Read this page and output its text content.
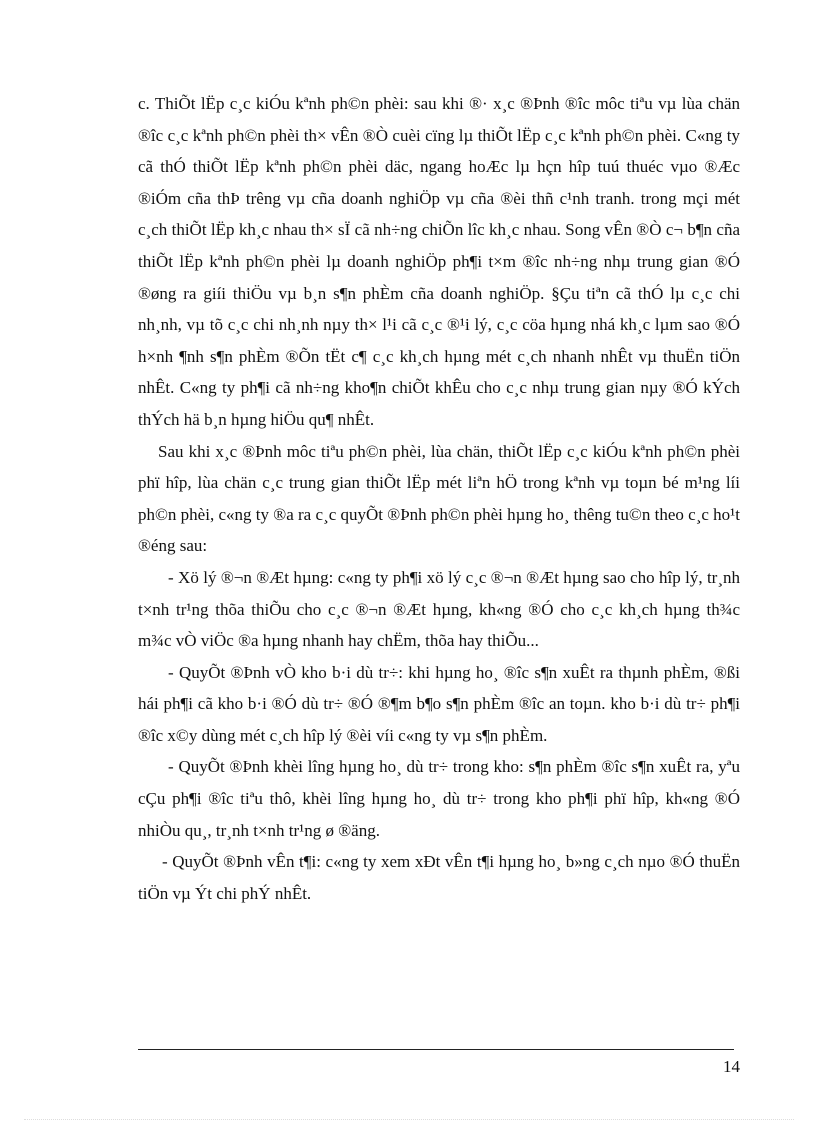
c. ThiÕt lËp c¸c kiÓu kªnh ph©n phèi: sau khi ®· x¸c ®Þnh ®îc môc tiªu vµ lùa chän ®îc c¸c kªnh ph©n phèi th× vÊn ®Ò cuèi cïng lµ thiÕt lËp c¸c kªnh ph©n phèi. C«ng ty cã thÓ thiÕt lËp kªnh ph©n phèi däc, ngang hoÆc lµ hçn hîp tuú thuéc vµo ®Æc ®iÓm cña thÞ trêng vµ cña doanh nghiÖp vµ cña ®èi thñ c¹nh tranh. trong mçi mét c¸ch thiÕt lËp kh¸c nhau th× sÏ cã nh÷ng chiÕn lîc kh¸c nhau. Song vÊn ®Ò c¬ b¶n cña thiÕt lËp kªnh ph©n phèi lµ doanh nghiÖp ph¶i t×m ®îc nh÷ng nhµ trung gian ®Ó ®øng ra giíi thiÖu vµ b¸n s¶n phÈm cña doanh nghiÖp. §Çu tiªn cã thÓ lµ c¸c chi nh¸nh, vµ tõ c¸c chi nh¸nh nµy th× l¹i cã c¸c ®¹i lý, c¸c cöa hµng nhá kh¸c lµm sao ®Ó h×nh ¶nh s¶n phÈm ®Õn tËt c¶ c¸c kh¸ch hµng mét c¸ch nhanh nhÊt vµ thuËn tiÖn nhÊt. C«ng ty ph¶i cã nh÷ng kho¶n chiÕt khÊu cho c¸c nhµ trung gian nµy ®Ó kÝch thÝch hä b¸n hµng hiÖu qu¶ nhÊt.

Sau khi x¸c ®Þnh môc tiªu ph©n phèi, lùa chän, thiÕt lËp c¸c kiÓu kªnh ph©n phèi phï hîp, lùa chän c¸c trung gian thiÕt lËp mét liªn hÖ trong kªnh vµ toµn bé m¹ng líi ph©n phèi, c«ng ty ®a ra c¸c quyÕt ®Þnh ph©n phèi hµng ho¸ thêng tu©n theo c¸c ho¹t ®éng sau:

- Xö lý ®¬n ®Æt hµng: c«ng ty ph¶i xö lý c¸c ®¬n ®Æt hµng sao cho hîp lý, tr¸nh t×nh tr¹ng thõa thiÕu cho c¸c ®¬n ®Æt hµng, kh«ng ®Ó cho c¸c kh¸ch hµng th¾c m¾c vÒ viÖc ®a hµng nhanh hay chËm, thõa hay thiÕu...

- QuyÕt ®Þnh vÒ kho b·i dù tr÷: khi hµng ho¸ ®îc s¶n xuÊt ra thµnh phÈm, ®ßi hái ph¶i cã kho b·i ®Ó dù tr÷ ®Ó ®¶m b¶o s¶n phÈm ®îc an toµn. kho b·i dù tr÷ ph¶i ®îc x©y dùng mét c¸ch hîp lý ®èi víi c«ng ty vµ s¶n phÈm.

- QuyÕt ®Þnh khèi lîng hµng ho¸ dù tr÷ trong kho: s¶n phÈm ®îc s¶n xuÊt ra, yªu cÇu ph¶i ®îc tiªu thô, khèi lîng hµng ho¸ dù tr÷ trong kho ph¶i phï hîp, kh«ng ®Ó nhiÒu qu¸, tr¸nh t×nh tr¹ng ø ®äng.

- QuyÕt ®Þnh vÊn t¶i: c«ng ty xem xÐt vÊn t¶i hµng ho¸ b»ng c¸ch nµo ®Ó thuËn tiÖn vµ Ýt chi phÝ nhÊt.

14
